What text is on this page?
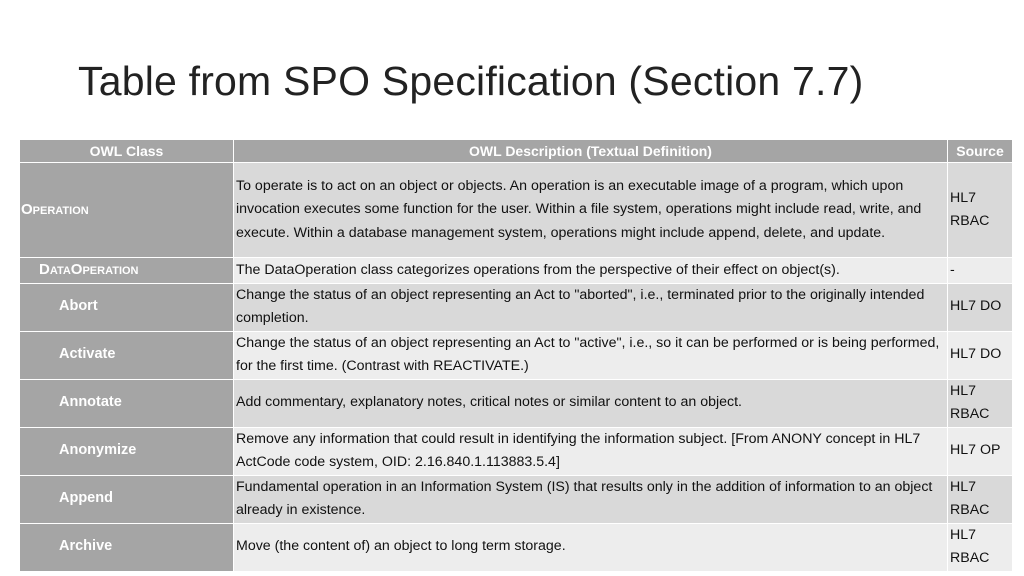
Table from SPO Specification (Section 7.7)
OWL Class	OWL Description (Textual Definition)	Source
Operation	To operate is to act on an object or objects. An operation is an executable image of a program, which upon invocation executes some function for the user. Within a file system, operations might include read, write, and execute. Within a database management system, operations might include append, delete, and update.	HL7 RBAC
DataOperation	The DataOperation class categorizes operations from the perspective of their effect on object(s).	-
Abort	Change the status of an object representing an Act to "aborted", i.e., terminated prior to the originally intended completion.	HL7 DO
Activate	Change the status of an object representing an Act to "active", i.e., so it can be performed or is being performed, for the first time. (Contrast with REACTIVATE.)	HL7 DO
Annotate	Add commentary, explanatory notes, critical notes or similar content to an object.	HL7 RBAC
Anonymize	Remove any information that could result in identifying the information subject. [From ANONY concept in HL7 ActCode code system, OID: 2.16.840.1.113883.5.4]	HL7 OP
Append	Fundamental operation in an Information System (IS) that results only in the addition of information to an object already in existence.	HL7 RBAC
Archive	Move (the content of) an object to long term storage.	HL7 RBAC
